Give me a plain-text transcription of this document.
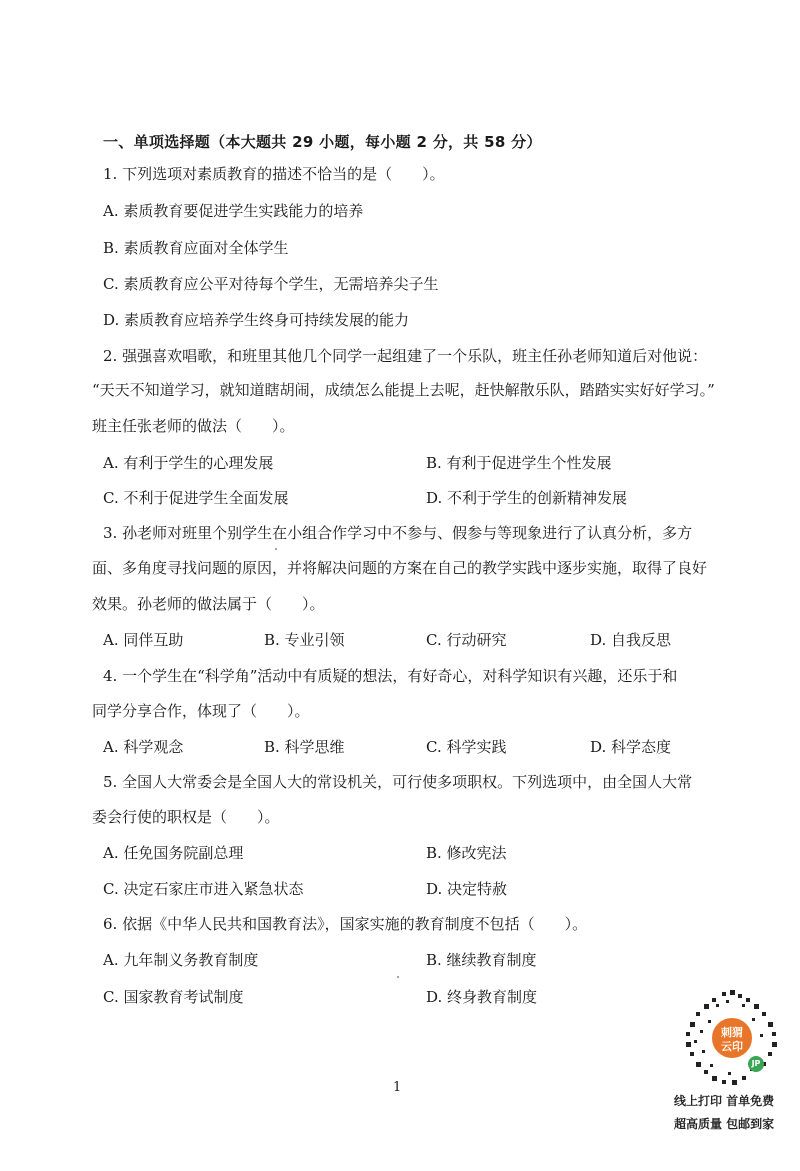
一、单项选择题（本大题共 29 小题，每小题 2 分，共 58 分）
1. 下列选项对素质教育的描述不恰当的是（　　）。
A. 素质教育要促进学生实践能力的培养
B. 素质教育应面对全体学生
C. 素质教育应公平对待每个学生，无需培养尖子生
D. 素质教育应培养学生终身可持续发展的能力
2. 强强喜欢唱歌，和班里其他几个同学一起组建了一个乐队，班主任孙老师知道后对他说：
“天天不知道学习，就知道瞎胡闹，成绩怎么能提上去呢，赶快解散乐队，踏踏实实好好学习。”
班主任张老师的做法（　　）。
A. 有利于学生的心理发展	B. 有利于促进学生个性发展
C. 不利于促进学生全面发展	D. 不利于学生的创新精神发展
3. 孙老师对班里个别学生在小组合作学习中不参与、假参与等现象进行了认真分析，多方
面、多角度寻找问题的原因，并将解决问题的方案在自己的教学实践中逐步实施，取得了良好
效果。孙老师的做法属于（　　）。
A. 同伴互助	B. 专业引领	C. 行动研究	D. 自我反思
4. 一个学生在“科学角”活动中有质疑的想法，有好奇心，对科学知识有兴趣，还乐于和
同学分享合作，体现了（　　）。
A. 科学观念	B. 科学思维	C. 科学实践	D. 科学态度
5. 全国人大常委会是全国人大的常设机关，可行使多项职权。下列选项中，由全国人大常
委会行使的职权是（　　）。
A. 任免国务院副总理	B. 修改宪法
C. 决定石家庄市进入紧急状态	D. 决定特赦
6. 依据《中华人民共和国教育法》，国家实施的教育制度不包括（　　）。
A. 九年制义务教育制度	B. 继续教育制度
C. 国家教育考试制度	D. 终身教育制度
1
刺猬
云印
JP
线上打印 首单免费
超高质量 包邮到家
